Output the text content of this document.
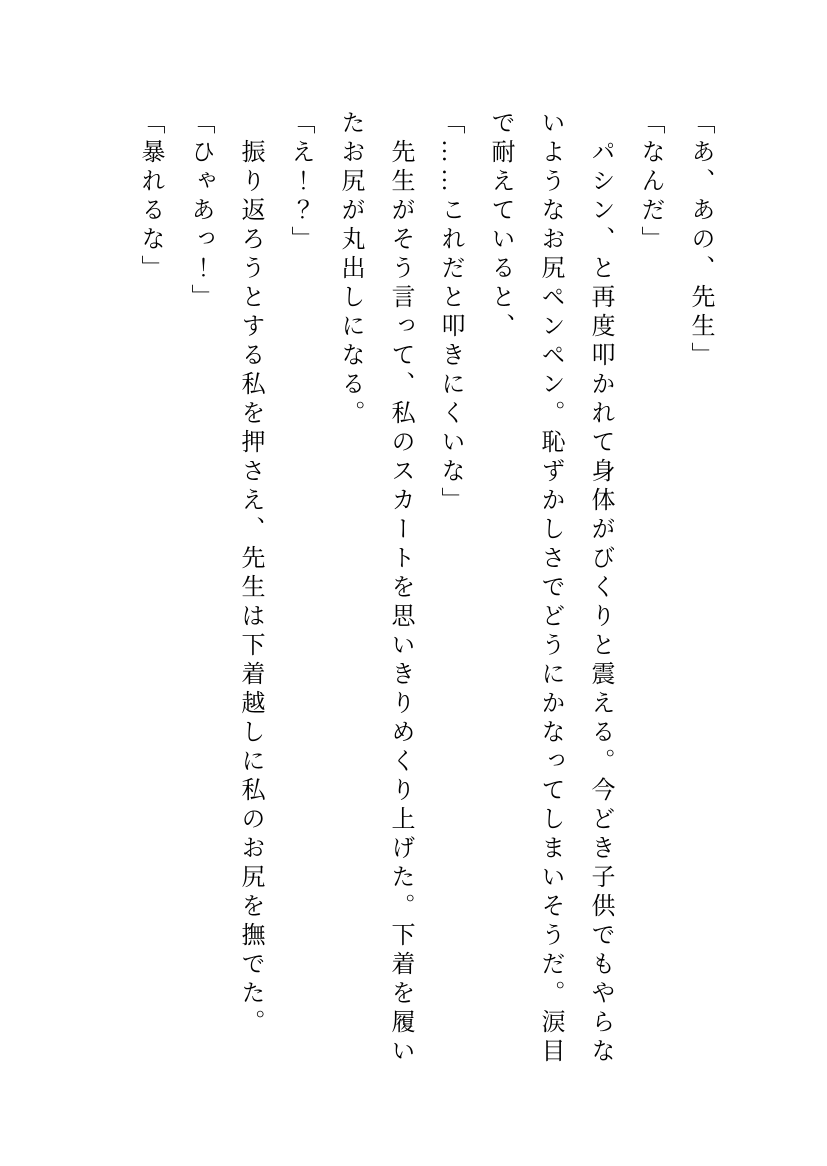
「あ、あの、先生」

「なんだ」

パシン、と再度叩かれて身体がびくりと震える。今どき子供でもやらな

いようなお尻ペンペン。恥ずかしさでどうにかなってしまいそうだ。涙目

で耐えていると、

「……これだと叩きにくいな」

先生がそう言って、私のスカートを思いきりめくり上げた。下着を履い

たお尻が丸出しになる。

「え！？」

振り返ろうとする私を押さえ、先生は下着越しに私のお尻を撫でた。

「ひゃあっ！」

「暴れるな」
